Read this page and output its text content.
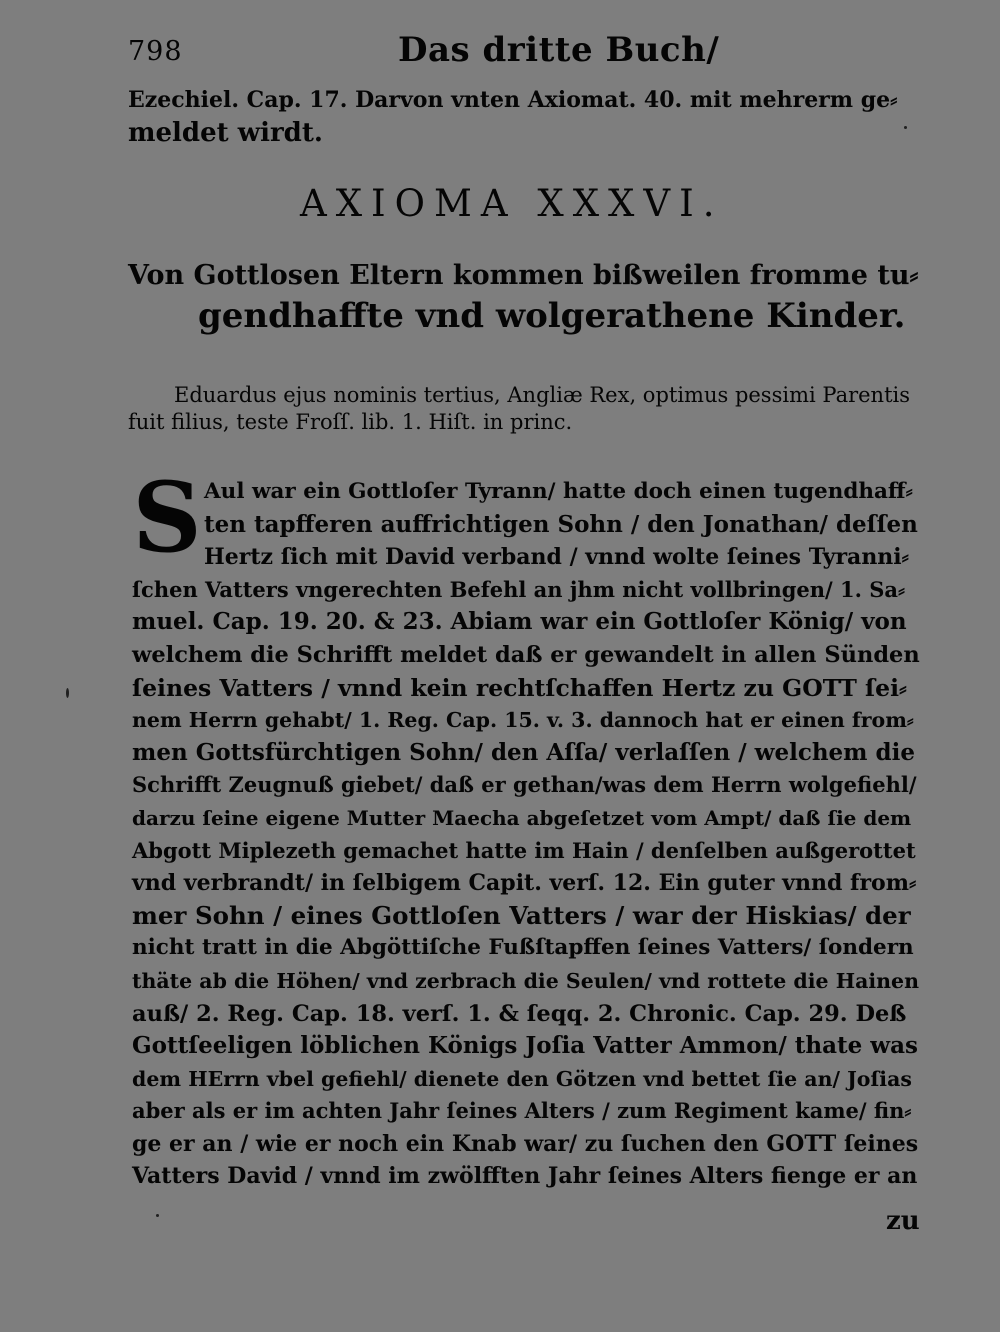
798	Das dritte Buch/
Ezechiel. Cap. 17. Darvon vnten Axiomat. 40. mit mehrerm ge⸗
meldet wirdt.
AXIOMA XXXVI.
Von Gottlosen Eltern kommen bißweilen fromme tu⸗
gendhaffte vnd wolgerathene Kinder.
Eduardus ejus nominis tertius, Angliæ Rex, optimus pessimi Parentis
fuit filius, teste Froſſ. lib. 1. Hiſt. in princ.
S Aul war ein Gottloſer Tyrann/ hatte doch einen tugendhaff⸗
ten tapfferen auffrichtigen Sohn / den Jonathan/ deſſen
Hertz ſich mit David verband / vnnd wolte ſeines Tyranni⸗
ſchen Vatters vngerechten Befehl an jhm nicht vollbringen/ 1. Sa⸗
muel. Cap. 19. 20. & 23. Abiam war ein Gottloſer König/ von
welchem die Schrifft meldet daß er gewandelt in allen Sünden
ſeines Vatters / vnnd kein rechtſchaffen Hertz zu GOTT ſei⸗
nem Herrn gehabt/ 1. Reg. Cap. 15. v. 3. dannoch hat er einen from⸗
men Gottsfürchtigen Sohn/ den Aſſa/ verlaſſen / welchem die
Schrifft Zeugnuß giebet/ daß er gethan/was dem Herrn wolgefiehl/
darzu ſeine eigene Mutter Maecha abgeſetzet vom Ampt/ daß ſie dem
Abgott Miplezeth gemachet hatte im Hain / denſelben außgerottet
vnd verbrandt/ in ſelbigem Capit. verſ. 12. Ein guter vnnd from⸗
mer Sohn / eines Gottloſen Vatters / war der Hiskias/ der
nicht tratt in die Abgöttiſche Fußſtapffen ſeines Vatters/ ſondern
thäte ab die Höhen/ vnd zerbrach die Seulen/ vnd rottete die Hainen
auß/ 2. Reg. Cap. 18. verſ. 1. & ſeqq. 2. Chronic. Cap. 29. Deß
Gottſeeligen löblichen Königs Joſia Vatter Ammon/ thate was
dem HErrn vbel gefiehl/ dienete den Götzen vnd bettet ſie an/ Joſias
aber als er im achten Jahr ſeines Alters / zum Regiment kame/ fin⸗
ge er an / wie er noch ein Knab war/ zu ſuchen den GOTT ſeines
Vatters David / vnnd im zwölfften Jahr ſeines Alters fienge er an
zu
